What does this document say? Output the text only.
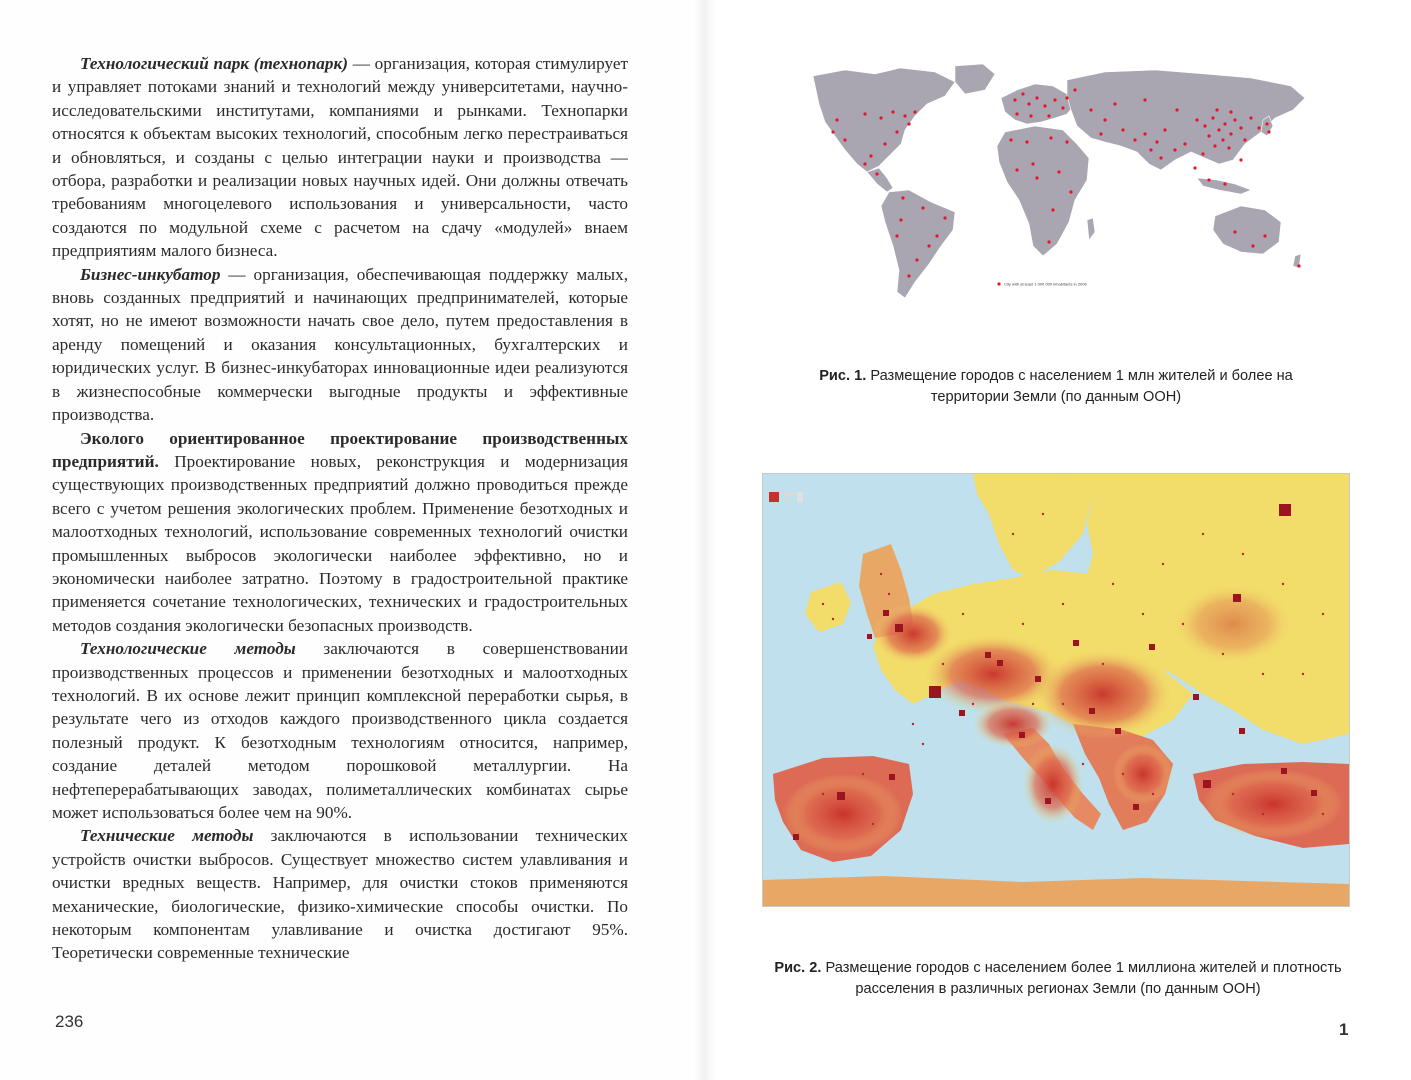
Технологический парк (технопарк) — организация, которая стимулирует и управляет потоками знаний и технологий между университетами, научно-исследовательскими институтами, компаниями и рынками. Технопарки относятся к объектам высоких технологий, способным легко перестраиваться и обновляться, и созданы с целью интеграции науки и производства — отбора, разработки и реализации новых научных идей. Они должны отвечать требованиям многоцелевого использования и универсальности, часто создаются по модульной схеме с расчетом на сдачу «модулей» внаем предприятиям малого бизнеса.

Бизнес-инкубатор — организация, обеспечивающая поддержку малых, вновь созданных предприятий и начинающих предпринимателей, которые хотят, но не имеют возможности начать свое дело, путем предоставления в аренду помещений и оказания консультационных, бухгалтерских и юридических услуг. В бизнес-инкубаторах инновационные идеи реализуются в жизнеспособные коммерчески выгодные продукты и эффективные производства.

Эколого ориентированное проектирование производственных предприятий. Проектирование новых, реконструкция и модернизация существующих производственных предприятий должно проводиться прежде всего с учетом решения экологических проблем. Применение безотходных и малоотходных технологий, использование современных технологий очистки промышленных выбросов экологически наиболее эффективно, но и экономически наиболее затратно. Поэтому в градостроительной практике применяется сочетание технологических, технических и градостроительных методов создания экологически безопасных производств.

Технологические методы заключаются в совершенствовании производственных процессов и применении безотходных и малоотходных технологий. В их основе лежит принцип комплексной переработки сырья, в результате чего из отходов каждого производственного цикла создается полезный продукт. К безотходным технологиям относится, например, создание деталей методом порошковой металлургии. На нефтеперерабатывающих заводах, полиметаллических комбинатах сырье может использоваться более чем на 90%.

Технические методы заключаются в использовании технических устройств очистки выбросов. Существует множество систем улавливания и очистки вредных веществ. Например, для очистки стоков применяются механические, биологические, физико-химические способы очистки. По некоторым компонентам улавливание и очистка достигают 95%. Теоретически современные технические

236
City with at least 1 000 000 inhabitants in 2006
Рис. 1. Размещение городов с населением 1 млн жителей и более на территории Земли (по данным ООН)
Рис. 2. Размещение городов с населением более 1 миллиона жителей и плотность расселения в различных регионах Земли (по данным ООН)
1
